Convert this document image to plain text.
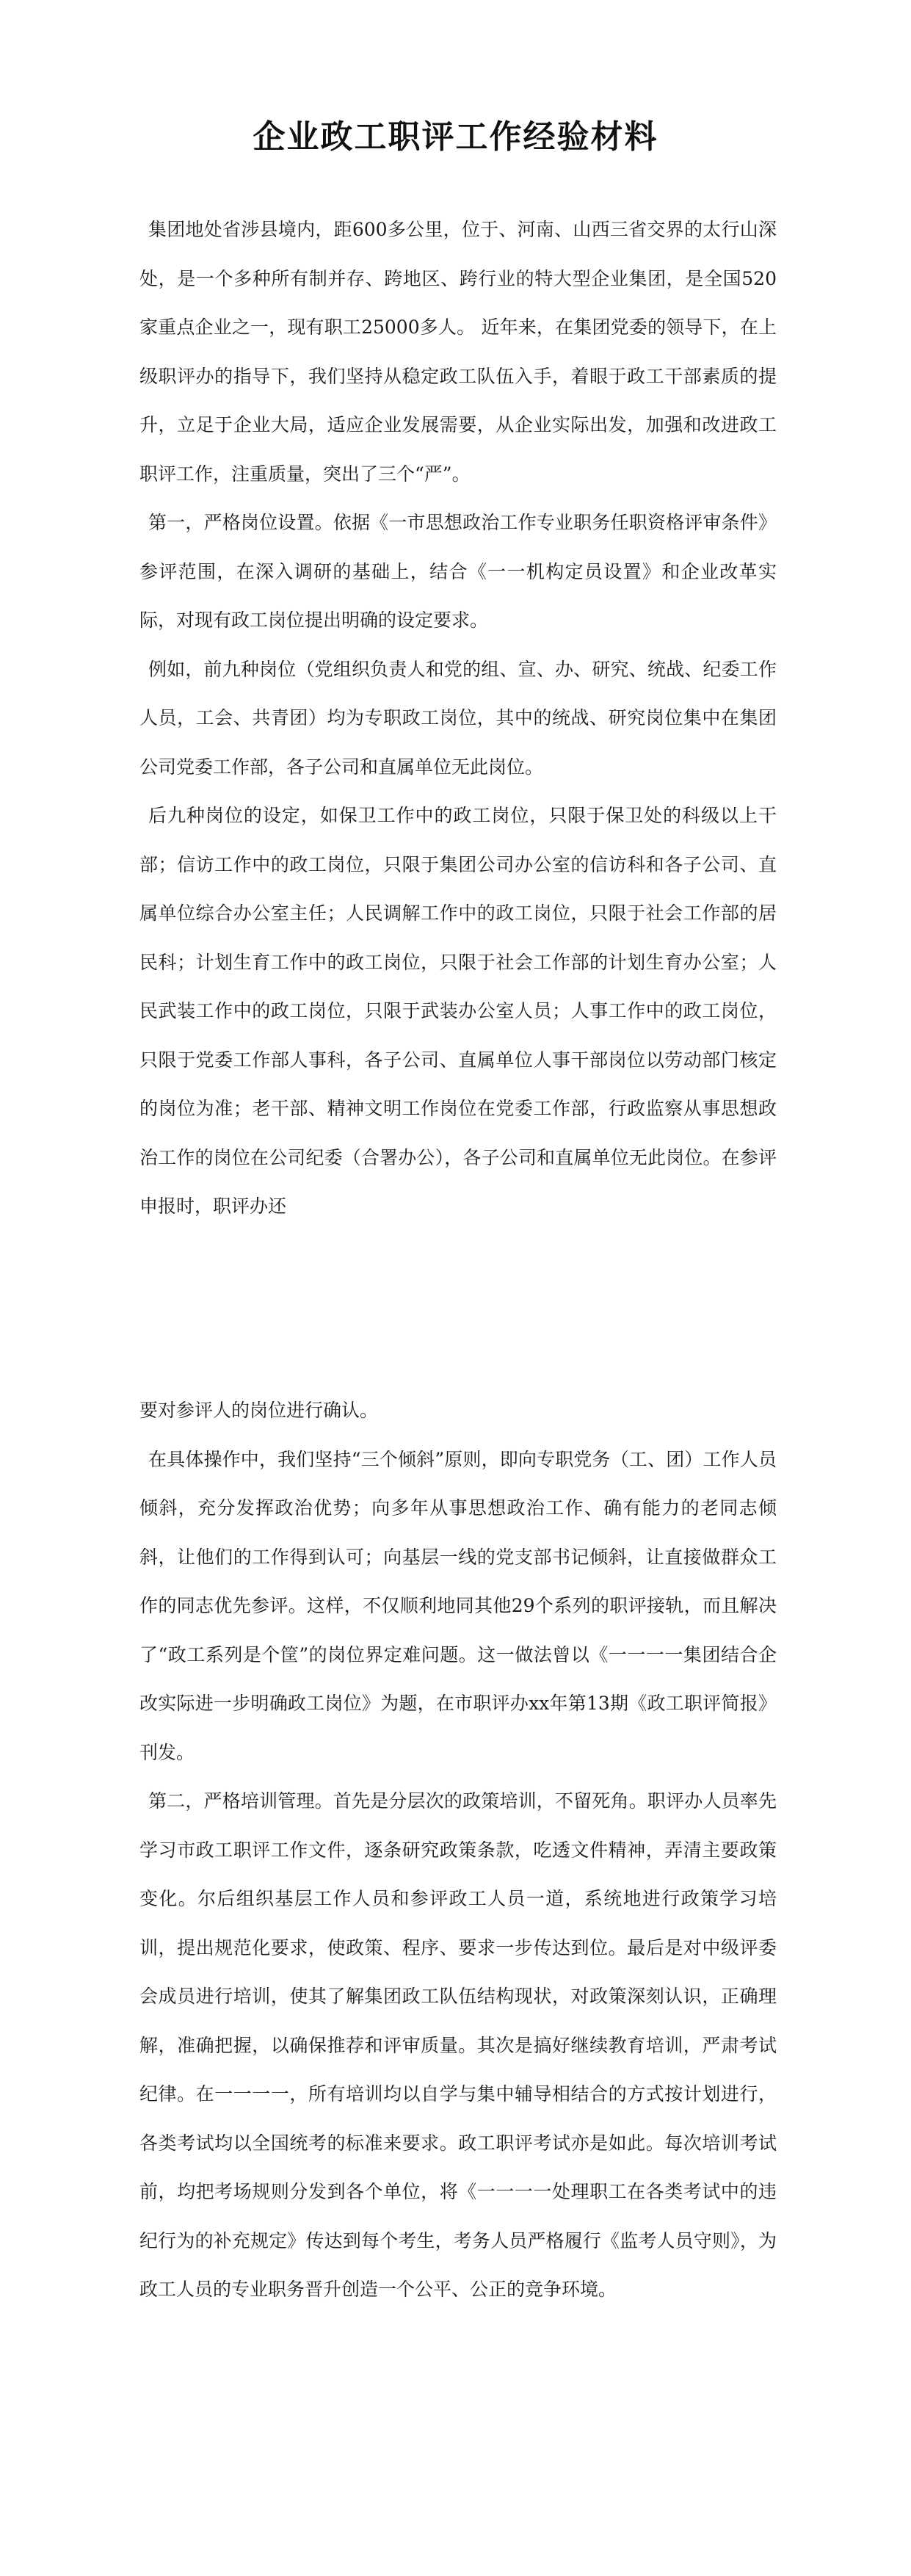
企业政工职评工作经验材料

集团地处省涉县境内，距600多公里，位于、河南、山西三省交界的太行山深处，是一个多种所有制并存、跨地区、跨行业的特大型企业集团，是全国520家重点企业之一，现有职工25000多人。 近年来，在集团党委的领导下，在上级职评办的指导下，我们坚持从稳定政工队伍入手，着眼于政工干部素质的提升，立足于企业大局，适应企业发展需要，从企业实际出发，加强和改进政工职评工作，注重质量，突出了三个“严”。

第一，严格岗位设置。依据《一市思想政治工作专业职务任职资格评审条件》参评范围，在深入调研的基础上，结合《一一机构定员设置》和企业改革实际，对现有政工岗位提出明确的设定要求。

例如，前九种岗位（党组织负责人和党的组、宣、办、研究、统战、纪委工作人员，工会、共青团）均为专职政工岗位，其中的统战、研究岗位集中在集团公司党委工作部，各子公司和直属单位无此岗位。

后九种岗位的设定，如保卫工作中的政工岗位，只限于保卫处的科级以上干部；信访工作中的政工岗位，只限于集团公司办公室的信访科和各子公司、直属单位综合办公室主任；人民调解工作中的政工岗位，只限于社会工作部的居民科；计划生育工作中的政工岗位，只限于社会工作部的计划生育办公室；人民武装工作中的政工岗位，只限于武装办公室人员；人事工作中的政工岗位，只限于党委工作部人事科，各子公司、直属单位人事干部岗位以劳动部门核定的岗位为准；老干部、精神文明工作岗位在党委工作部，行政监察从事思想政治工作的岗位在公司纪委（合署办公），各子公司和直属单位无此岗位。在参评申报时，职评办还

要对参评人的岗位进行确认。

在具体操作中，我们坚持“三个倾斜”原则，即向专职党务（工、团）工作人员倾斜，充分发挥政治优势；向多年从事思想政治工作、确有能力的老同志倾斜，让他们的工作得到认可；向基层一线的党支部书记倾斜，让直接做群众工作的同志优先参评。这样，不仅顺利地同其他29个系列的职评接轨，而且解决了“政工系列是个筐”的岗位界定难问题。这一做法曾以《一一一一集团结合企改实际进一步明确政工岗位》为题，在市职评办xx年第13期《政工职评简报》刊发。

第二，严格培训管理。首先是分层次的政策培训，不留死角。职评办人员率先学习市政工职评工作文件，逐条研究政策条款，吃透文件精神，弄清主要政策变化。尔后组织基层工作人员和参评政工人员一道，系统地进行政策学习培训，提出规范化要求，使政策、程序、要求一步传达到位。最后是对中级评委会成员进行培训，使其了解集团政工队伍结构现状，对政策深刻认识，正确理解，准确把握，以确保推荐和评审质量。其次是搞好继续教育培训，严肃考试纪律。在一一一一，所有培训均以自学与集中辅导相结合的方式按计划进行，各类考试均以全国统考的标准来要求。政工职评考试亦是如此。每次培训考试前，均把考场规则分发到各个单位，将《一一一一处理职工在各类考试中的违纪行为的补充规定》传达到每个考生，考务人员严格履行《监考人员守则》，为政工人员的专业职务晋升创造一个公平、公正的竞争环境。
